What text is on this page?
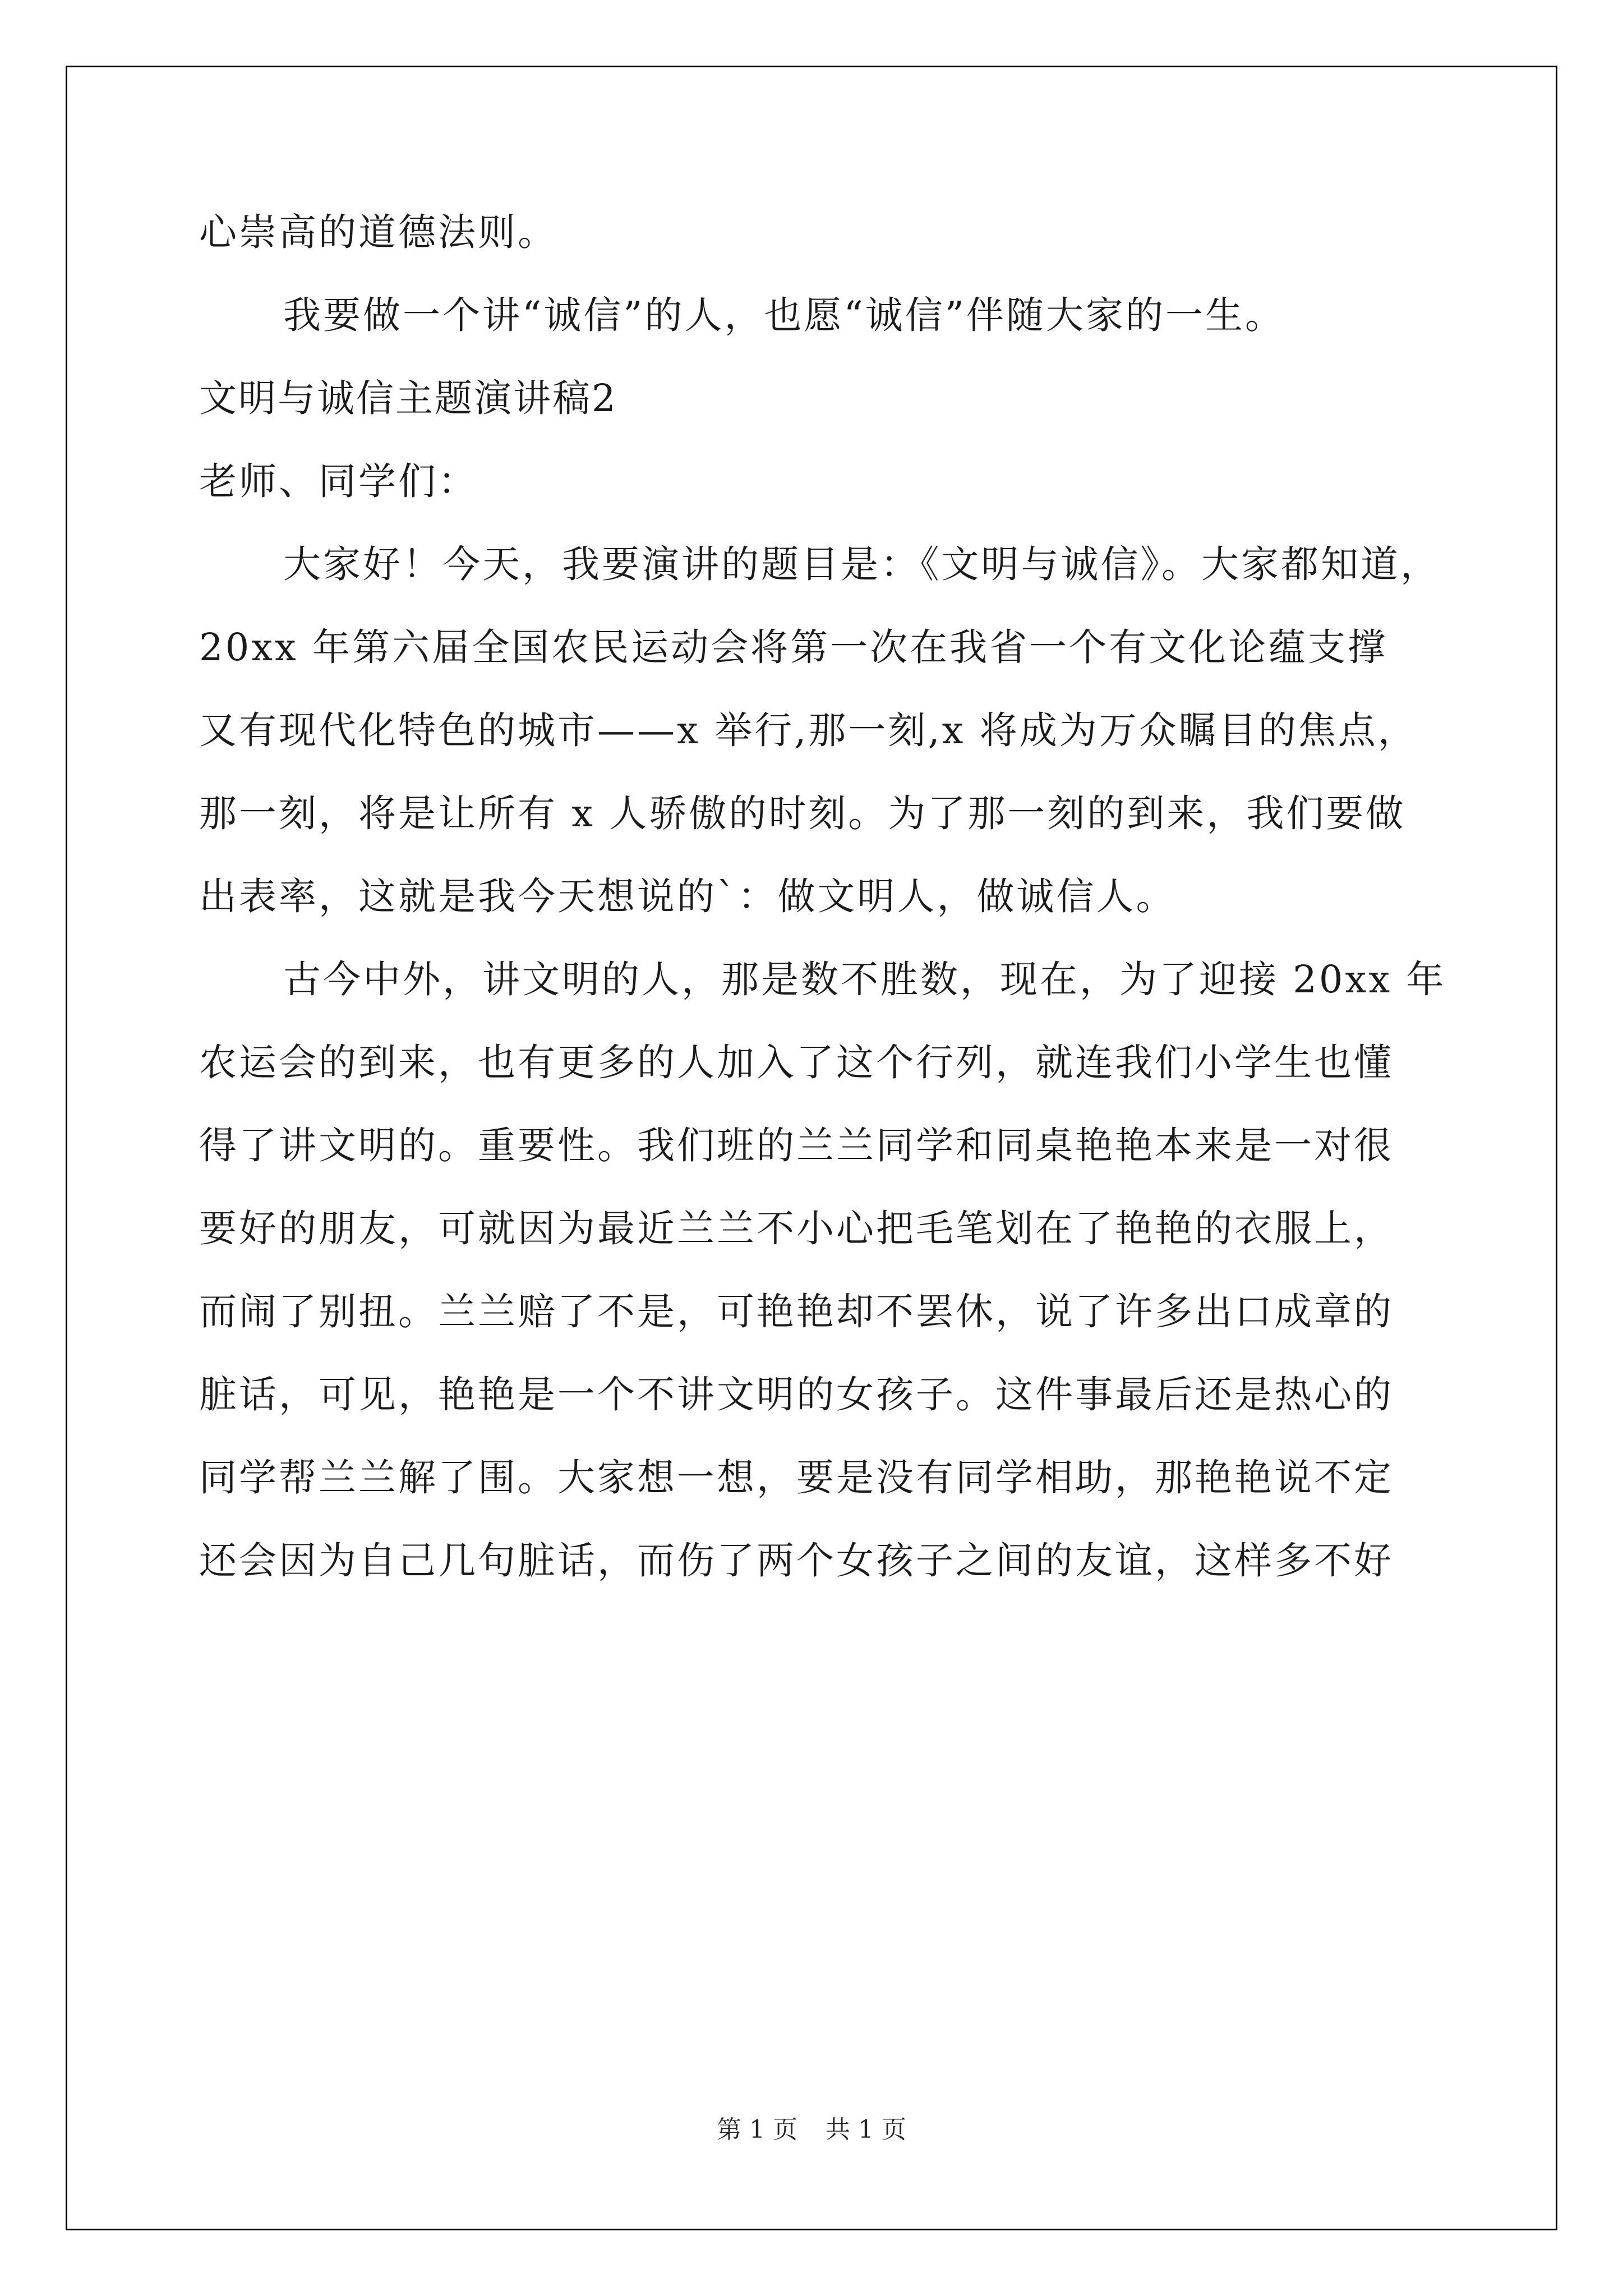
心崇高的道德法则。
我要做一个讲“诚信”的人，也愿“诚信”伴随大家的一生。
文明与诚信主题演讲稿2
老师、同学们：
大家好！今天，我要演讲的题目是：《文明与诚信》。大家都知道，
20xx 年第六届全国农民运动会将第一次在我省一个有文化论蕴支撑
又有现代化特色的城市——x 举行,那一刻,x 将成为万众瞩目的焦点，
那一刻，将是让所有 x 人骄傲的时刻。为了那一刻的到来，我们要做
出表率，这就是我今天想说的`：做文明人，做诚信人。
古今中外，讲文明的人，那是数不胜数，现在，为了迎接 20xx 年
农运会的到来，也有更多的人加入了这个行列，就连我们小学生也懂
得了讲文明的。重要性。我们班的兰兰同学和同桌艳艳本来是一对很
要好的朋友，可就因为最近兰兰不小心把毛笔划在了艳艳的衣服上，
而闹了别扭。兰兰赔了不是，可艳艳却不罢休，说了许多出口成章的
脏话，可见，艳艳是一个不讲文明的女孩子。这件事最后还是热心的
同学帮兰兰解了围。大家想一想，要是没有同学相助，那艳艳说不定
还会因为自己几句脏话，而伤了两个女孩子之间的友谊，这样多不好
第 1 页 共 1 页
